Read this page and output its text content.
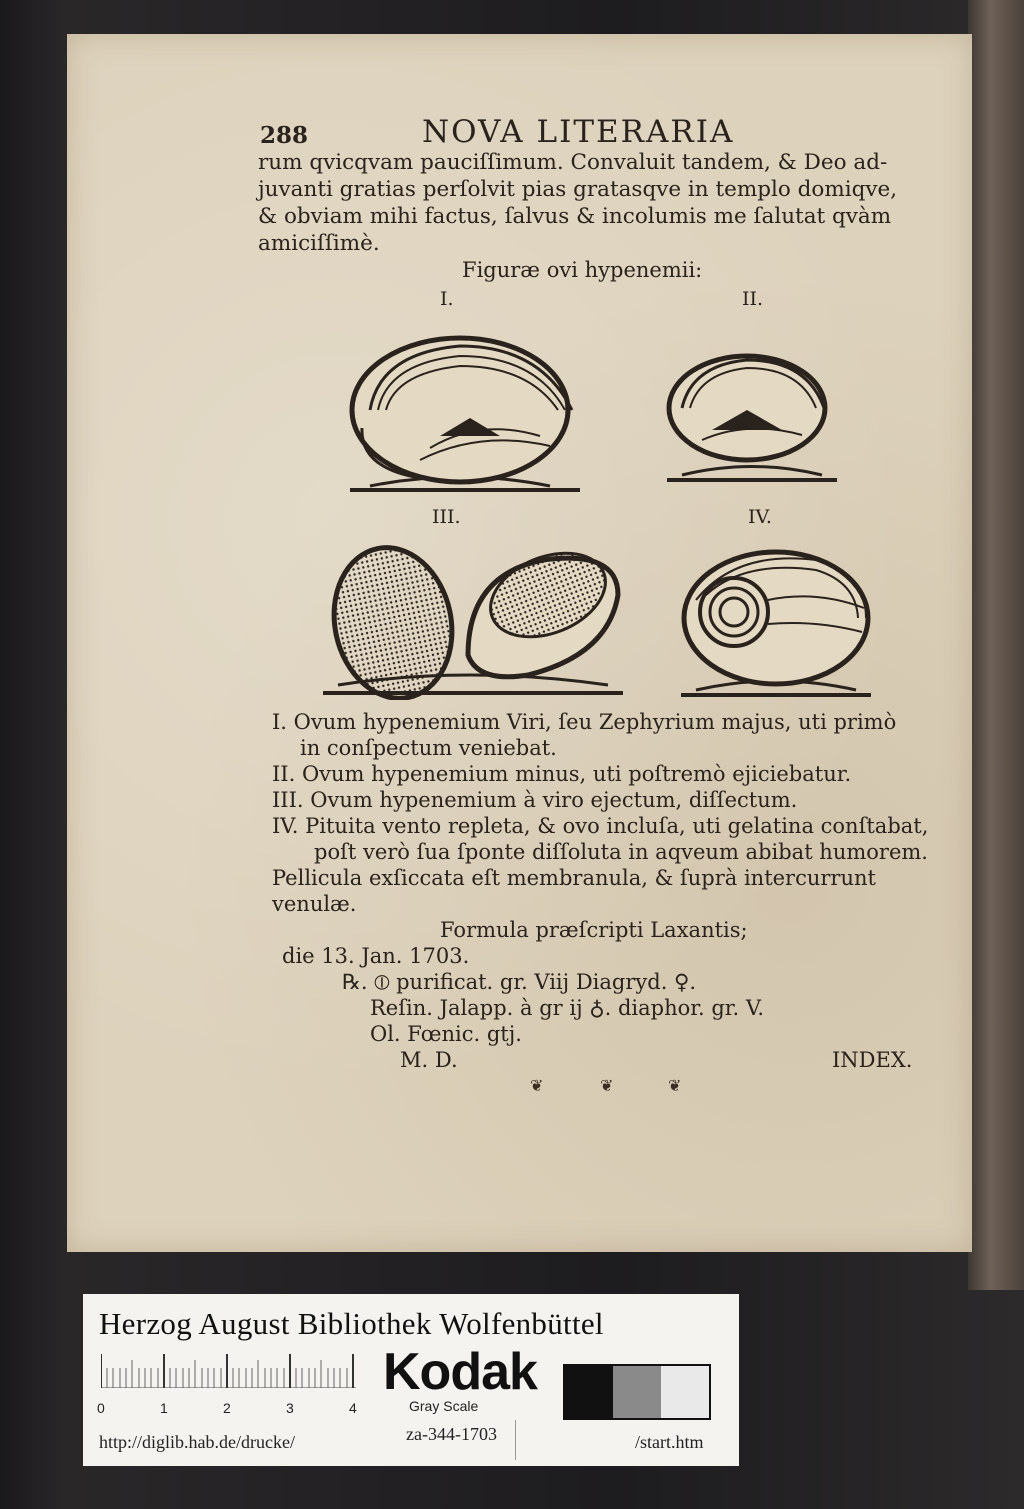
288	NOVA LITERARIA
rum qvicqvam pauciſſimum. Convaluit tandem, & Deo ad-
juvanti gratias perſolvit pias gratasqve in templo domiqve,
& obviam mihi factus, ſalvus & incolumis me ſalutat qvàm
amiciſſimè.
Figuræ ovi hypenemii:
I.	II.
III.	IV.
I. Ovum hypenemium Viri, ſeu Zephyrium majus, uti primò
in conſpectum veniebat.
II. Ovum hypenemium minus, uti poſtremò ejiciebatur.
III. Ovum hypenemium à viro ejectum, diſſectum.
IV. Pituita vento repleta, & ovo incluſa, uti gelatina conſtabat,
poſt verò ſua ſponte diſſoluta in aqveum abibat humorem.
Pellicula exſiccata eſt membranula, & ſuprà intercurrunt
venulæ.
Formula præſcripti Laxantis;
die 13. Jan. 1703.
℞. ⦶ purificat. gr. Viij Diagryd. ♀.
Reſin. Jalapp. à gr ij ♁. diaphor. gr. V.
Ol. Fœnic. gtj.
M. D.	INDEX.
❦	❦	❦
Herzog August Bibliothek Wolfenbüttel
0	1	2	3	4
Kodak
Gray Scale
http://diglib.hab.de/drucke/	za-344-1703	/start.htm
